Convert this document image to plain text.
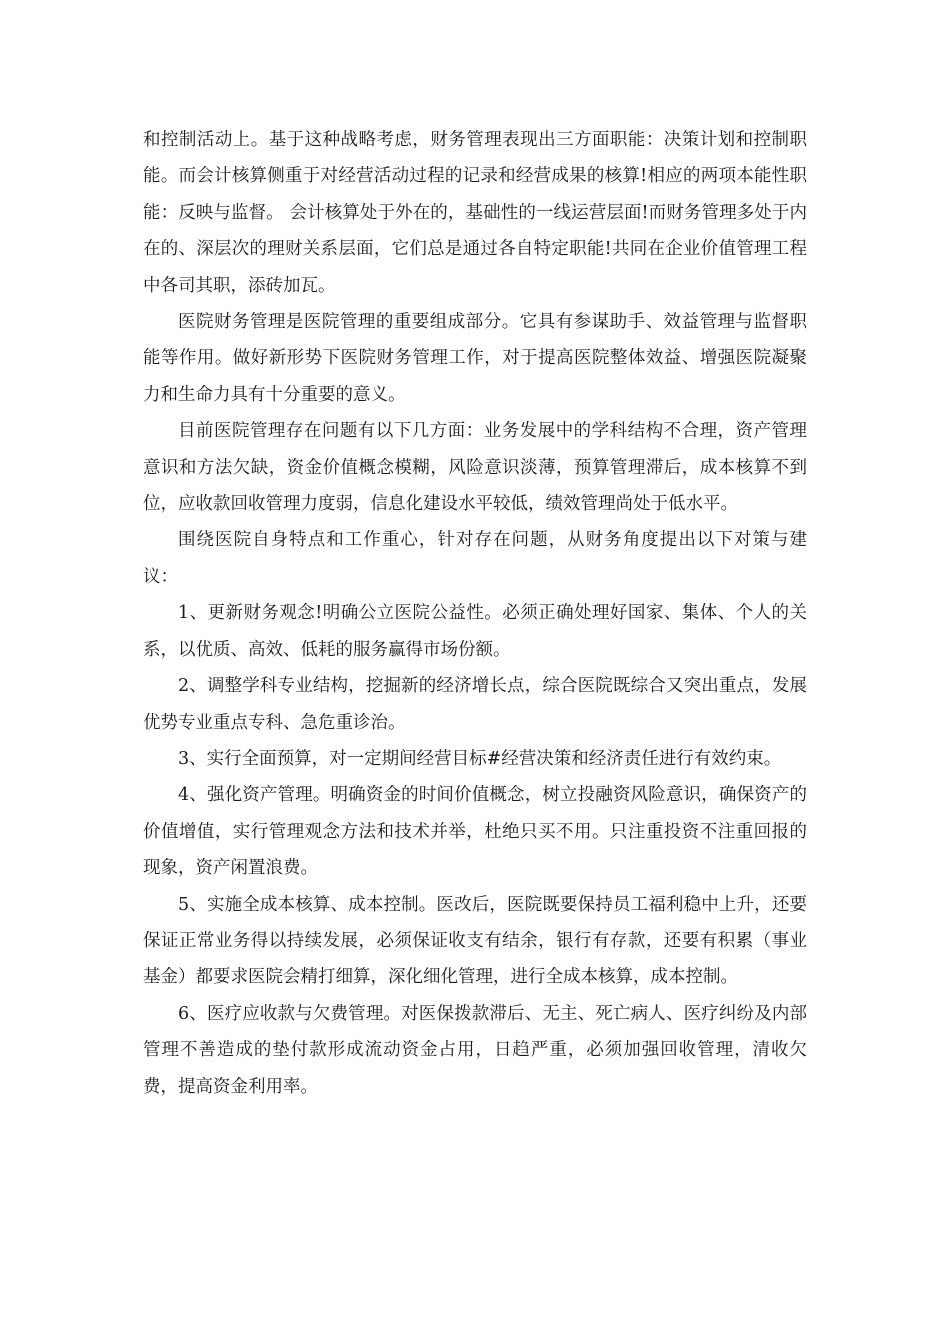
和控制活动上。基于这种战略考虑，财务管理表现出三方面职能：决策计划和控制职能。而会计核算侧重于对经营活动过程的记录和经营成果的核算!相应的两项本能性职能：反映与监督。 会计核算处于外在的，基础性的一线运营层面!而财务管理多处于内在的、深层次的理财关系层面，它们总是通过各自特定职能!共同在企业价值管理工程中各司其职，添砖加瓦。

医院财务管理是医院管理的重要组成部分。它具有参谋助手、效益管理与监督职能等作用。做好新形势下医院财务管理工作，对于提高医院整体效益、增强医院凝聚力和生命力具有十分重要的意义。

目前医院管理存在问题有以下几方面：业务发展中的学科结构不合理，资产管理意识和方法欠缺，资金价值概念模糊，风险意识淡薄，预算管理滞后，成本核算不到位，应收款回收管理力度弱，信息化建设水平较低，绩效管理尚处于低水平。

围绕医院自身特点和工作重心，针对存在问题，从财务角度提出以下对策与建议：

1、更新财务观念!明确公立医院公益性。必须正确处理好国家、集体、个人的关系，以优质、高效、低耗的服务赢得市场份额。

2、调整学科专业结构，挖掘新的经济增长点，综合医院既综合又突出重点，发展优势专业重点专科、急危重诊治。

3、实行全面预算，对一定期间经营目标#经营决策和经济责任进行有效约束。

4、强化资产管理。明确资金的时间价值概念，树立投融资风险意识，确保资产的价值增值，实行管理观念方法和技术并举，杜绝只买不用。只注重投资不注重回报的现象，资产闲置浪费。

5、实施全成本核算、成本控制。医改后，医院既要保持员工福利稳中上升，还要保证正常业务得以持续发展，必须保证收支有结余，银行有存款，还要有积累（事业基金）都要求医院会精打细算，深化细化管理，进行全成本核算，成本控制。

6、医疗应收款与欠费管理。对医保拨款滞后、无主、死亡病人、医疗纠纷及内部管理不善造成的垫付款形成流动资金占用，日趋严重，必须加强回收管理，清收欠费，提高资金利用率。
